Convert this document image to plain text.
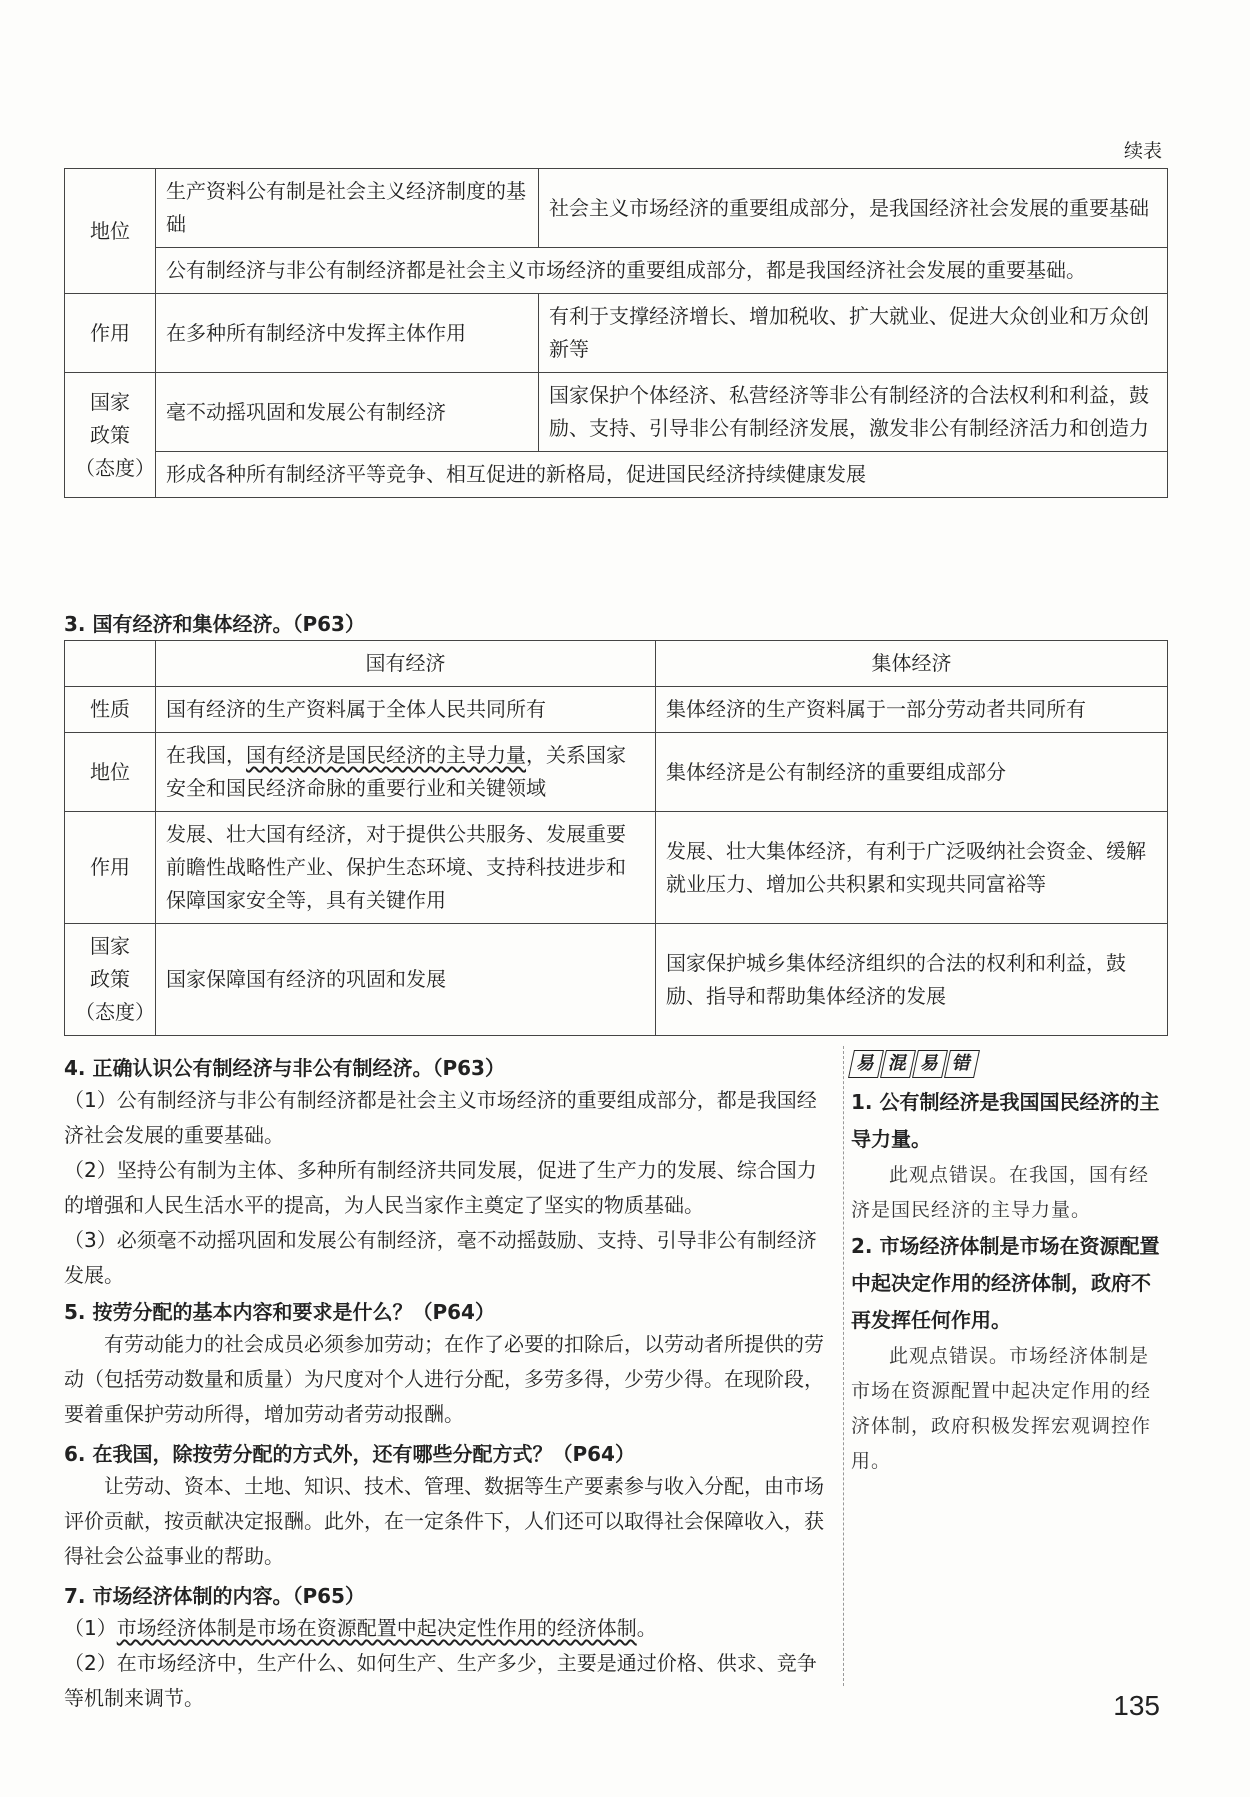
续表
地位	生产资料公有制是社会主义经济制度的基础	社会主义市场经济的重要组成部分，是我国经济社会发展的重要基础
	公有制经济与非公有制经济都是社会主义市场经济的重要组成部分，都是我国经济社会发展的重要基础。	
作用	在多种所有制经济中发挥主体作用	有利于支撑经济增长、增加税收、扩大就业、促进大众创业和万众创新等

国家
政策
（态度）	毫不动摇巩固和发展公有制经济	国家保护个体经济、私营经济等非公有制经济的合法权利和利益，鼓励、支持、引导非公有制经济发展，激发非公有制经济活力和创造力
	形成各种所有制经济平等竞争、相互促进的新格局，促进国民经济持续健康发展	
3. 国有经济和集体经济。（P63）
	国有经济	集体经济
性质	国有经济的生产资料属于全体人民共同所有	集体经济的生产资料属于一部分劳动者共同所有
地位	在我国，国有经济是国民经济的主导力量，关系国家安全和国民经济命脉的重要行业和关键领域	集体经济是公有制经济的重要组成部分
作用	发展、壮大国有经济，对于提供公共服务、发展重要前瞻性战略性产业、保护生态环境、支持科技进步和保障国家安全等，具有关键作用	发展、壮大集体经济，有利于广泛吸纳社会资金、缓解就业压力、增加公共积累和实现共同富裕等

国家
政策
（态度）	国家保障国有经济的巩固和发展	国家保护城乡集体经济组织的合法的权利和利益，鼓励、指导和帮助集体经济的发展
4. 正确认识公有制经济与非公有制经济。（P63）
（1）公有制经济与非公有制经济都是社会主义市场经济的重要组成部分，都是我国经济社会发展的重要基础。
（2）坚持公有制为主体、多种所有制经济共同发展，促进了生产力的发展、综合国力的增强和人民生活水平的提高，为人民当家作主奠定了坚实的物质基础。
（3）必须毫不动摇巩固和发展公有制经济，毫不动摇鼓励、支持、引导非公有制经济发展。
5. 按劳分配的基本内容和要求是什么？（P64）
有劳动能力的社会成员必须参加劳动；在作了必要的扣除后，以劳动者所提供的劳动（包括劳动数量和质量）为尺度对个人进行分配，多劳多得，少劳少得。在现阶段，要着重保护劳动所得，增加劳动者劳动报酬。
6. 在我国，除按劳分配的方式外，还有哪些分配方式？（P64）
让劳动、资本、土地、知识、技术、管理、数据等生产要素参与收入分配，由市场评价贡献，按贡献决定报酬。此外，在一定条件下，人们还可以取得社会保障收入，获得社会公益事业的帮助。
7. 市场经济体制的内容。（P65）
（1）市场经济体制是市场在资源配置中起决定性作用的经济体制。
（2）在市场经济中，生产什么、如何生产、生产多少，主要是通过价格、供求、竞争等机制来调节。
易 混 易 错
1. 公有制经济是我国国民经济的主导力量。
此观点错误。在我国，国有经济是国民经济的主导力量。
2. 市场经济体制是市场在资源配置中起决定作用的经济体制，政府不再发挥任何作用。
此观点错误。市场经济体制是市场在资源配置中起决定作用的经济体制，政府积极发挥宏观调控作用。
135
